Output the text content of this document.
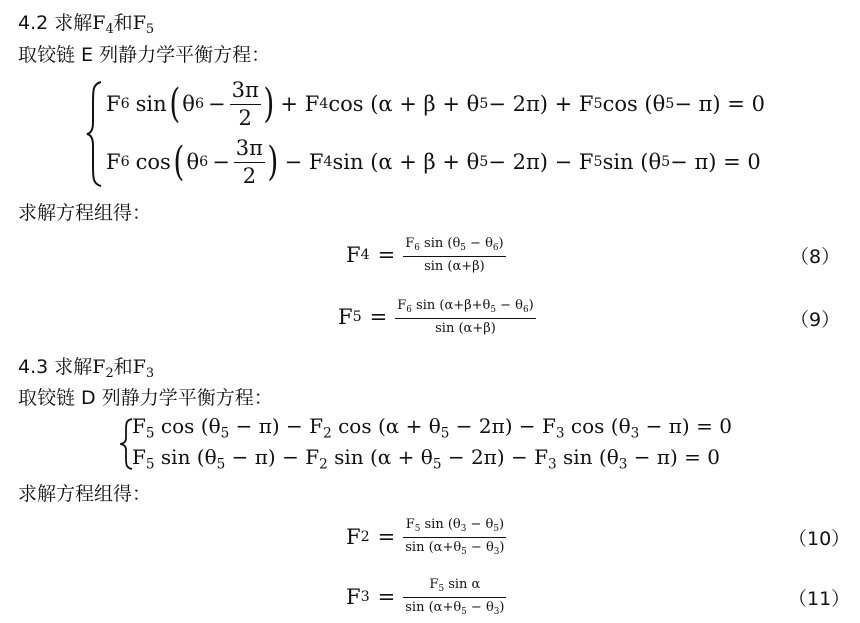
4.2 求解$F_4$和$F_5$
取铰链 E 列静力学平衡方程：
F 6 sin ( θ $6 - \frac{3\pi}{2}$ ) + F 4 cos (α + β + θ 5 − 2π) + F 5 cos (θ 5 − π) = 0
F 6 cos ( θ $6 - \frac{3\pi}{2}$ ) − F 4 sin (α + β + θ 5 − 2π) − F 5 sin (θ 5 − π) = 0
求解方程组得：
F $4 = \frac{F_6 \sin (\theta_5 - \theta_6)}{\sin (\alpha+\beta)}$	（8）
F $5 = \frac{F_6 \sin (\alpha+\beta+\theta_5 - \theta_6)}{\sin (\alpha+\beta)}$	（9）
4.3 求解$F_2$和$F_3$
取铰链 D 列静力学平衡方程：
$F_5$ $\cos (\theta_5 - \pi) - F_2$ $\cos (\alpha + \theta_5 - 2\pi) - F_3$ $\cos (\theta_3 - \pi) = 0$
$F_5$ $\sin (\theta_5 - \pi) - F_2$ $\sin (\alpha + \theta_5 - 2\pi) - F_3$ $\sin (\theta_3 - \pi) = 0$
求解方程组得：
F $2 = \frac{F_5 \sin (\theta_3 - \theta_5)}{\sin (\alpha+\theta_5 - \theta_3)}$	（10）
F $3 = \frac{F_5 \sin \alpha}{\sin (\alpha+\theta_5 - \theta_3)}$	（11）
